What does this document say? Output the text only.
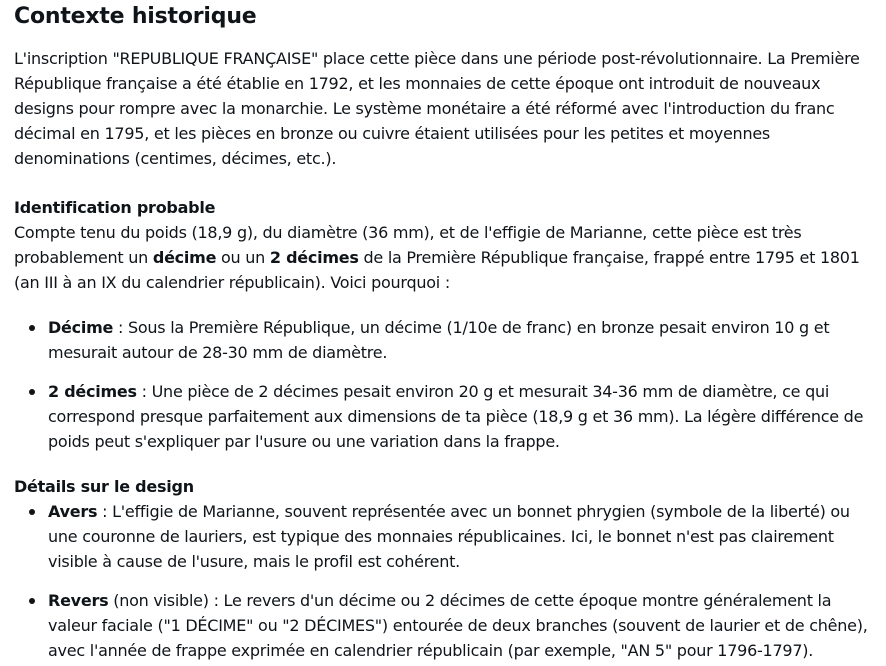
Contexte historique

L'inscription "REPUBLIQUE FRANÇAISE" place cette pièce dans une période post-révolutionnaire. La Première République française a été établie en 1792, et les monnaies de cette époque ont introduit de nouveaux designs pour rompre avec la monarchie. Le système monétaire a été réformé avec l'introduction du franc décimal en 1795, et les pièces en bronze ou cuivre étaient utilisées pour les petites et moyennes denominations (centimes, décimes, etc.).

Identification probable
Compte tenu du poids (18,9 g), du diamètre (36 mm), et de l'effigie de Marianne, cette pièce est très probablement un décime ou un 2 décimes de la Première République française, frappé entre 1795 et 1801 (an III à an IX du calendrier républicain). Voici pourquoi :

Décime : Sous la Première République, un décime (1/10e de franc) en bronze pesait environ 10 g et mesurait autour de 28-30 mm de diamètre.
2 décimes : Une pièce de 2 décimes pesait environ 20 g et mesurait 34-36 mm de diamètre, ce qui correspond presque parfaitement aux dimensions de ta pièce (18,9 g et 36 mm). La légère différence de poids peut s'expliquer par l'usure ou une variation dans la frappe.

Détails sur le design

Avers : L'effigie de Marianne, souvent représentée avec un bonnet phrygien (symbole de la liberté) ou une couronne de lauriers, est typique des monnaies républicaines. Ici, le bonnet n'est pas clairement visible à cause de l'usure, mais le profil est cohérent.
Revers (non visible) : Le revers d'un décime ou 2 décimes de cette époque montre généralement la valeur faciale ("1 DÉCIME" ou "2 DÉCIMES") entourée de deux branches (souvent de laurier et de chêne), avec l'année de frappe exprimée en calendrier républicain (par exemple, "AN 5" pour 1796-1797).
